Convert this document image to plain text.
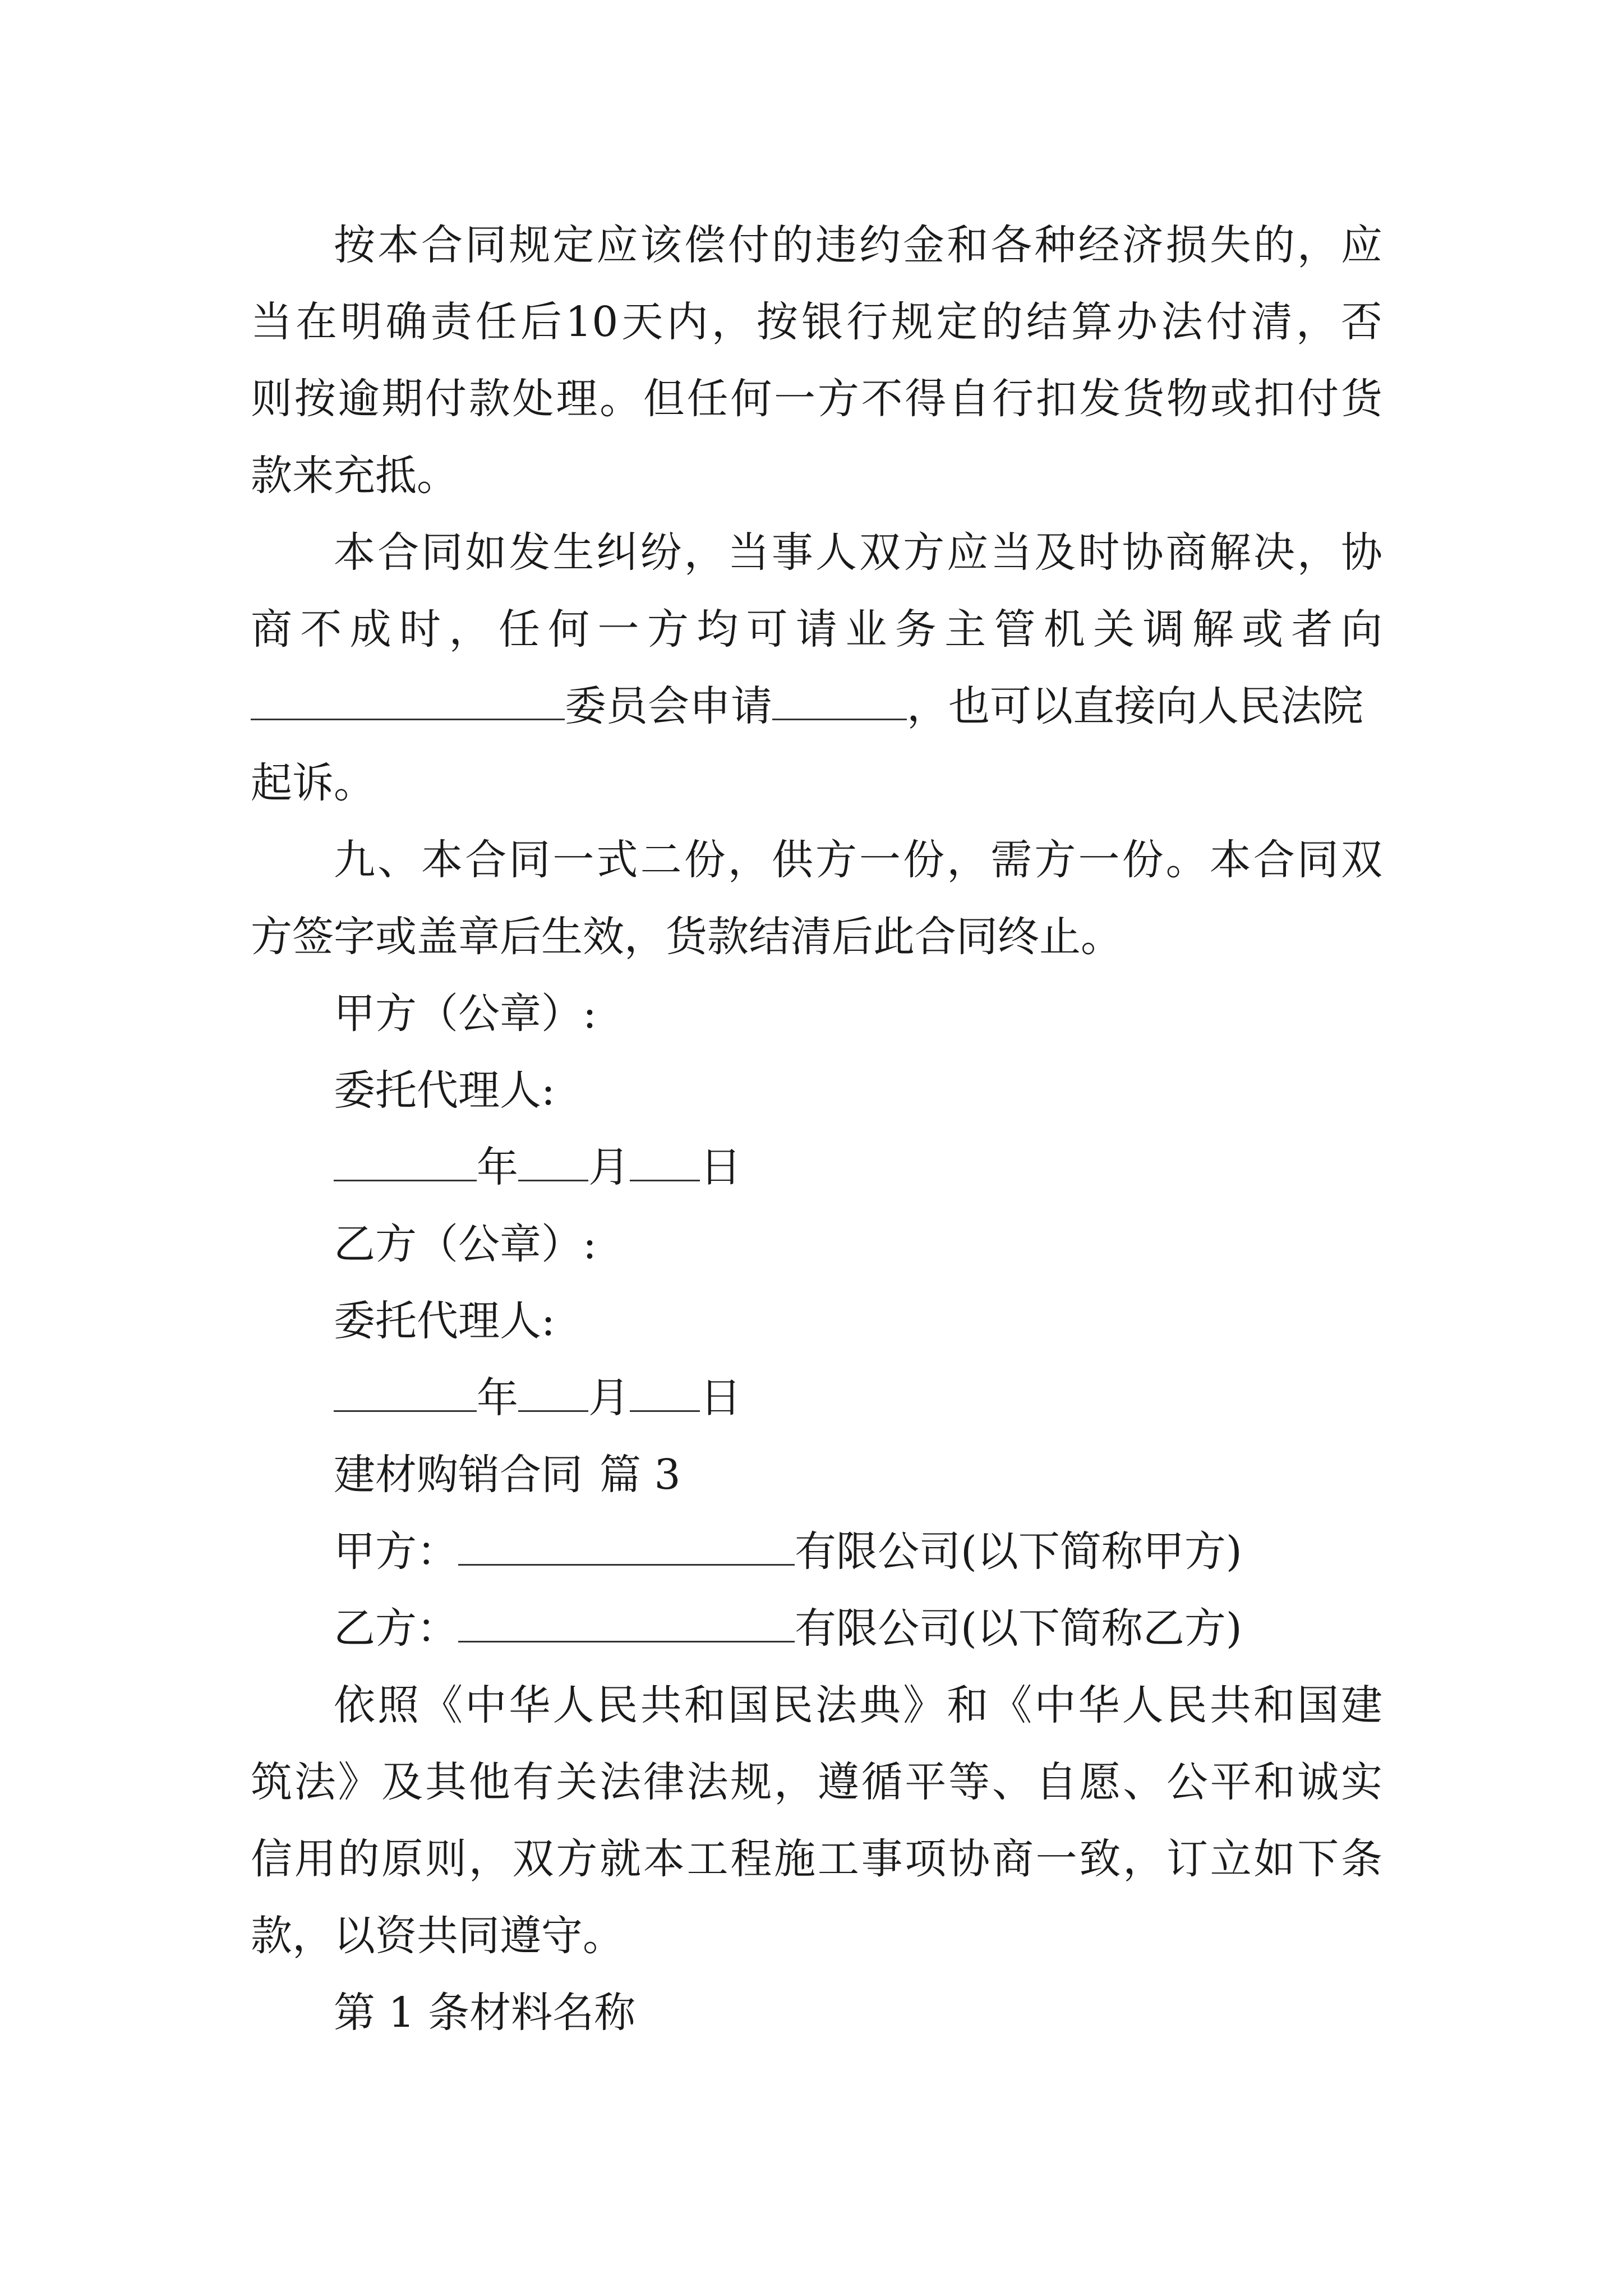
按本合同规定应该偿付的违约金和各种经济损失的，应

当在明确责任后10天内，按银行规定的结算办法付清，否

则按逾期付款处理。但任何一方不得自行扣发货物或扣付货

款来充抵。

本合同如发生纠纷，当事人双方应当及时协商解决，协

商不成时，任何一方均可请业务主管机关调解或者向

委员会申请	，也可以直接向人民法院

起诉。

九、本合同一式二份，供方一份，需方一份。本合同双

方签字或盖章后生效，货款结清后此合同终止。

甲方（公章）:

委托代理人:

年 月 日

乙方（公章）:

委托代理人:

年 月 日

建材购销合同 篇 3

甲方：	有限公司(以下简称甲方)

乙方：	有限公司(以下简称乙方)

依照《中华人民共和国民法典》和《中华人民共和国建

筑法》及其他有关法律法规，遵循平等、自愿、公平和诚实

信用的原则，双方就本工程施工事项协商一致，订立如下条

款，以资共同遵守。

第 1 条材料名称
